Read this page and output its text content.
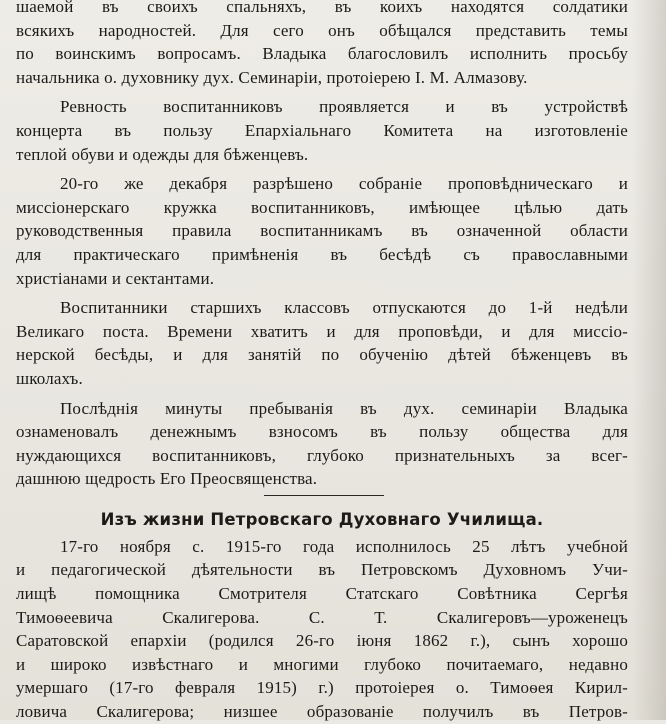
шаемой въ своихъ спальняхъ, въ коихъ находятся солдатики
всякихъ народностей. Для сего онъ обѣщался представить темы
по воинскимъ вопросамъ. Владыка благословилъ исполнить просьбу
начальника о. духовнику дух. Семинаріи, протоіерею I. М. Алмазову.
Ревность воспитанниковъ проявляется и въ устройствѣ
концерта въ пользу Епархіальнаго Комитета на изготовленіе
теплой обуви и одежды для бѣженцевъ.
20-го же декабря разрѣшено собраніе проповѣдническаго и
миссіонерскаго кружка воспитанниковъ, имѣющее цѣлью дать
руководственныя правила воспитанникамъ въ означенной области
для практическаго примѣненія въ бесѣдѣ съ православными
христіанами и сектантами.
Воспитанники старшихъ классовъ отпускаются до 1-й недѣли
Великаго поста. Времени хватитъ и для проповѣди, и для миссіо-
нерской бесѣды, и для занятій по обученію дѣтей бѣженцевъ въ
школахъ.
Послѣднія минуты пребыванія въ дух. семинаріи Владыка
ознаменовалъ денежнымъ взносомъ въ пользу общества для
нуждающихся воспитанниковъ, глубоко признательныхъ за всег-
дашнюю щедрость Его Преосвященства.
Изъ жизни Петровскаго Духовнаго Училища.
17-го ноября с. 1915-го года исполнилось 25 лѣтъ учебной
и педагогической дѣятельности въ Петровскомъ Духовномъ Учи-
лищѣ помощника Смотрителя Статскаго Совѣтника Сергѣя
Тимоѳеевича Скалигерова. С. Т. Скалигеровъ—уроженецъ
Саратовской епархіи (родился 26-го іюня 1862 г.), сынъ хорошо
и широко извѣстнаго и многими глубоко почитаемаго, недавно
умершаго (17-го февраля 1915) г.) протоіерея о. Тимоѳея Кирил-
ловича Скалигерова; низшее образованіе получилъ въ Петров-
